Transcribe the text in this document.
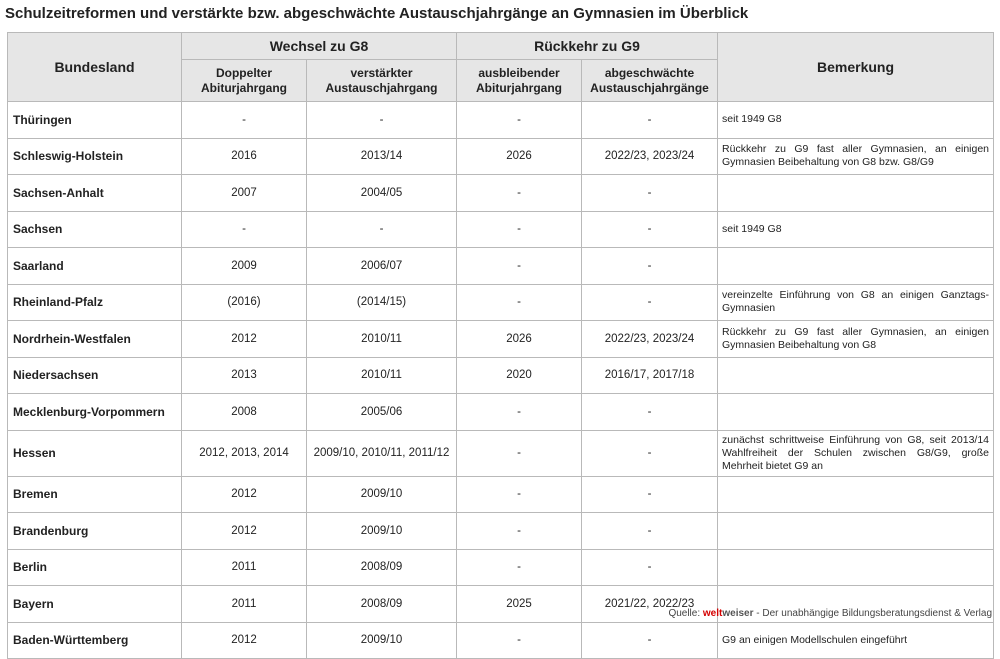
Schulzeitreformen und verstärkte bzw. abgeschwächte Austauschjahrgänge an Gymnasien im Überblick
Bundesland	Wechsel zu G8		Rückkehr zu G9		Bemerkung
	Doppelter Abiturjahrgang	verstärkter Austauschjahrgang	ausbleibender Abiturjahrgang	abgeschwächte Austauschjahrgänge	
Thüringen	-	-	-	-	seit 1949 G8
Schleswig-Holstein	2016	2013/14	2026	2022/23, 2023/24	Rückkehr zu G9 fast aller Gymnasien, an einigen Gymnasien Beibehaltung von G8 bzw. G8/G9
Sachsen-Anhalt	2007	2004/05	-	-	
Sachsen	-	-	-	-	seit 1949 G8
Saarland	2009	2006/07	-	-	
Rheinland-Pfalz	(2016)	(2014/15)	-	-	vereinzelte Einführung von G8 an einigen Ganztags-Gymnasien
Nordrhein-Westfalen	2012	2010/11	2026	2022/23, 2023/24	Rückkehr zu G9 fast aller Gymnasien, an einigen Gymnasien Beibehaltung von G8
Niedersachsen	2013	2010/11	2020	2016/17, 2017/18	
Mecklenburg-Vorpommern	2008	2005/06	-	-	
Hessen	2012, 2013, 2014	2009/10, 2010/11, 2011/12	-	-	zunächst schrittweise Einführung von G8, seit 2013/14 Wahlfreiheit der Schulen zwischen G8/G9, große Mehrheit bietet G9 an
Bremen	2012	2009/10	-	-	
Brandenburg	2012	2009/10	-	-	
Berlin	2011	2008/09	-	-	
Bayern	2011	2008/09	2025	2021/22, 2022/23	
Baden-Württemberg	2012	2009/10	-	-	G9 an einigen Modellschulen eingeführt
Quelle: weltweiser - Der unabhängige Bildungsberatungsdienst & Verlag
